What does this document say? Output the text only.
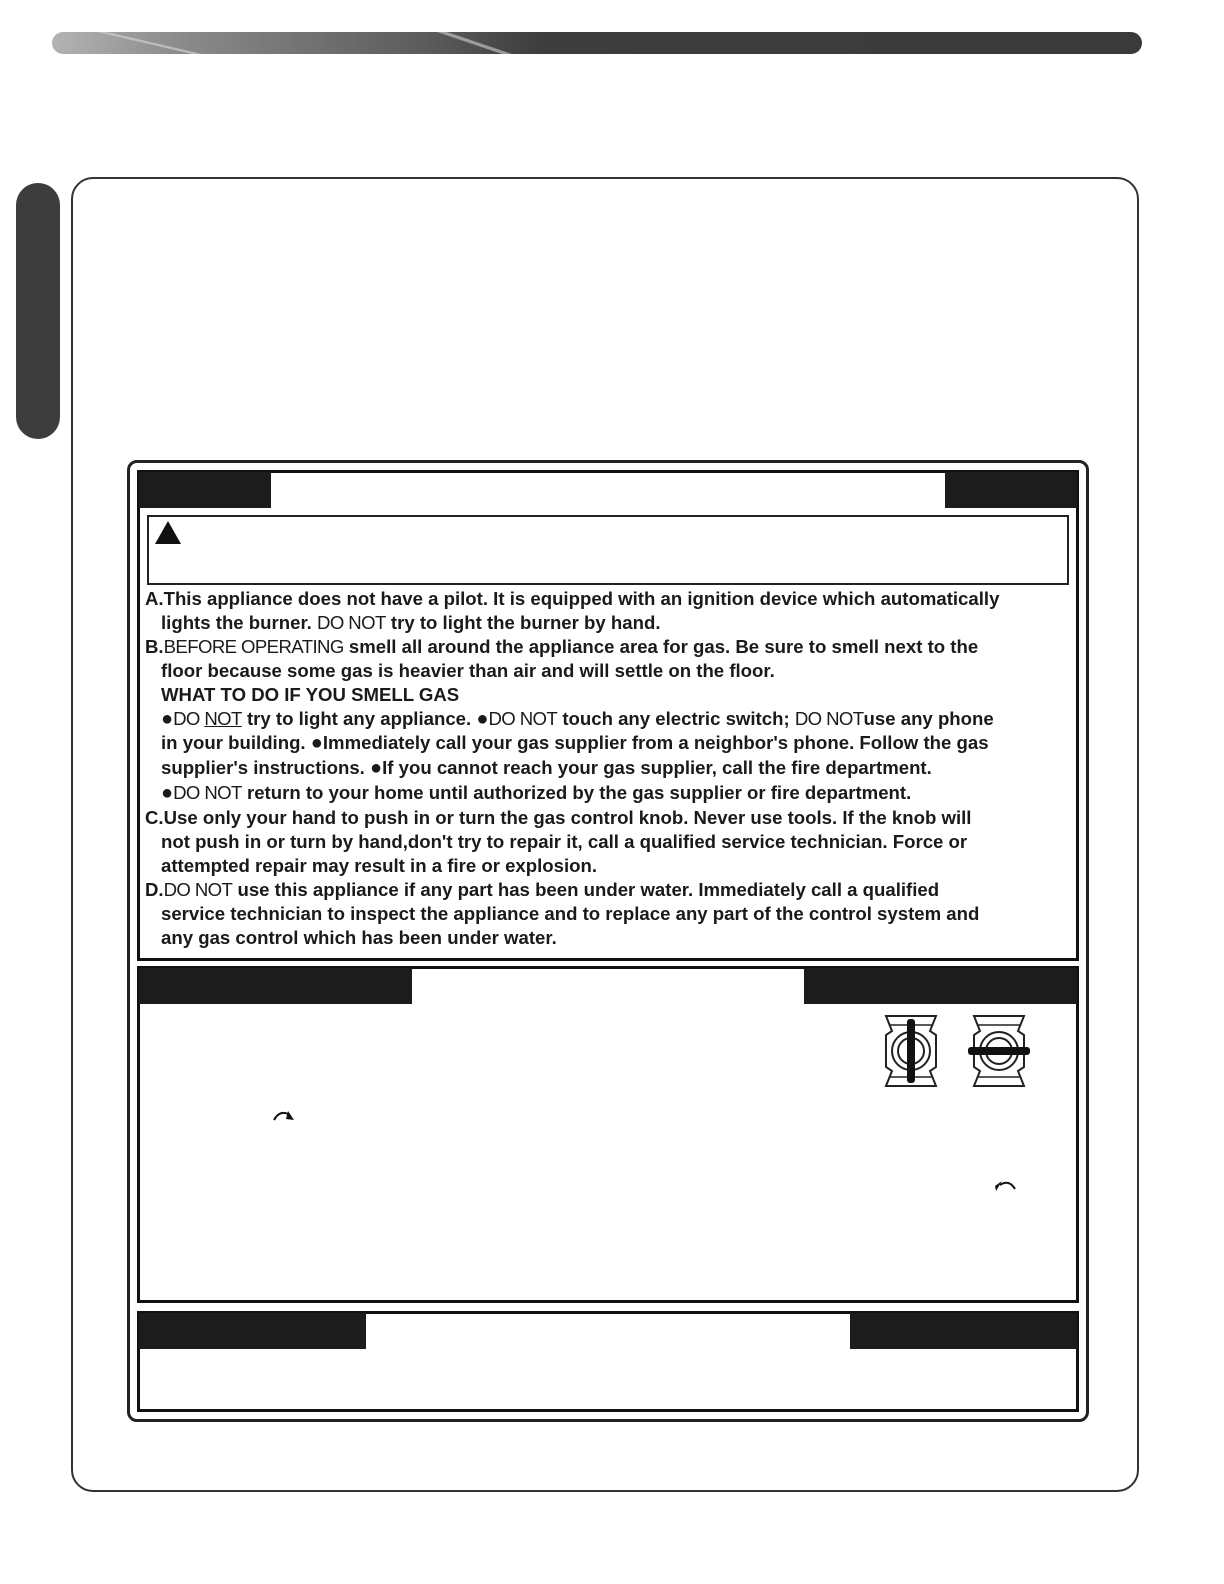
A.This appliance does not have a pilot. It is equipped with an ignition device which automatically

lights the burner. DO NOT try to light the burner by hand.

B.BEFORE OPERATING smell all around the appliance area for gas. Be sure to smell next to the

floor because some gas is heavier than air and will settle on the floor.

WHAT TO DO IF YOU SMELL GAS

●DO NOT try to light any appliance. ●DO NOT touch any electric switch; DO NOTuse any phone

in your building. ●Immediately call your gas supplier from a neighbor's phone. Follow the gas

supplier's instructions. ●If you cannot reach your gas supplier, call the fire department.

●DO NOT return to your home until authorized by the gas supplier or fire department.

C.Use only your hand to push in or turn the gas control knob. Never use tools. If the knob will

not push in or turn by hand,don't try to repair it, call a qualified service technician. Force or

attempted repair may result in a fire or explosion.

D.DO NOT use this appliance if any part has been under water. Immediately call a qualified

service technician to inspect the appliance and to replace any part of the control system and

any gas control which has been under water.
